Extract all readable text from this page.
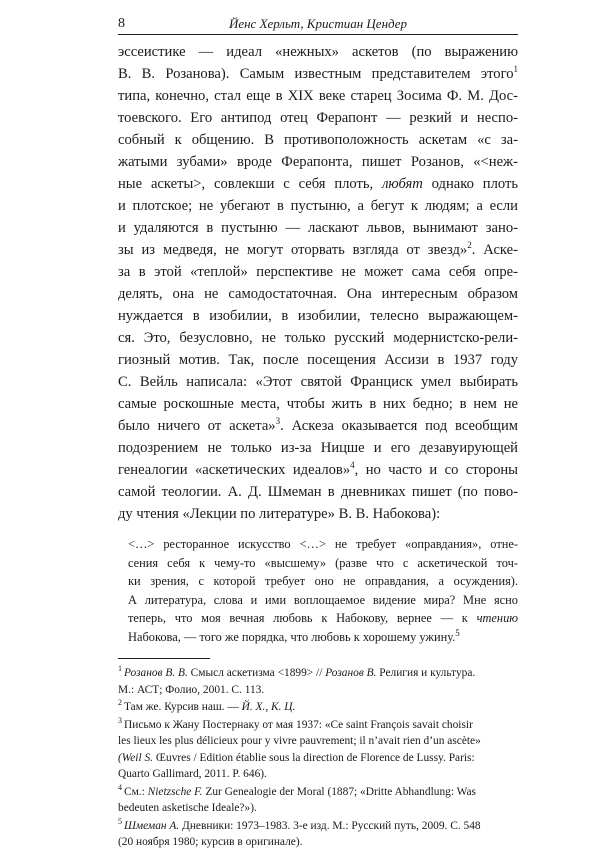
8	Йенс Херльт, Кристиан Цендер

эссеистике — идеал «нежных» аскетов (по выражению
В. В. Розанова). Самым известным представителем этого$^1$
типа, конечно, стал еще в XIX веке старец Зосима Ф. М. Дос-
тоевского. Его антипод отец Ферапонт — резкий и неспо-
собный к общению. В противоположность аскетам «с за-
жатыми зубами» вроде Ферапонта, пишет Розанов, «<неж-
ные аскеты>, совлекши с себя плоть, любят однако плоть
и плотское; не убегают в пустыню, а бегут к людям; а если
и удаляются в пустыню — ласкают львов, вынимают зано-
зы из медведя, не могут оторвать взгляда от звезд»$^2$. Аске-
за в этой «теплой» перспективе не может сама себя опре-
делять, она не самодостаточная. Она интересным образом
нуждается в изобилии, в изобилии, телесно выражающем-
ся. Это, безусловно, не только русский модернистско-рели-
гиозный мотив. Так, после посещения Ассизи в 1937 году
С. Вейль написала: «Этот святой Франциск умел выбирать
самые роскошные места, чтобы жить в них бедно; в нем не
было ничего от аскета»$^3$. Аскеза оказывается под всеобщим
подозрением не только из-за Ницше и его дезавуирующей
генеалогии «аскетических идеалов»$^4$, но часто и со стороны
самой теологии. А. Д. Шмеман в дневниках пишет (по пово-
ду чтения «Лекции по литературе» В. В. Набокова):

<…> ресторанное искусство <…> не требует «оправдания», отне-
сения себя к чему-то «высшему» (разве что с аскетической точ-
ки зрения, с которой требует оно не оправдания, а осуждения).
А литература, слова и ими воплощаемое видение мира? Мне ясно
теперь, что моя вечная любовь к Набокову, вернее — к чтению
Набокова, — того же порядка, что любовь к хорошему ужину.$^5$
$^1$ Розанов В. В. Смысл аскетизма <1899> // Розанов В. Религия и культура.
М.: АСТ; Фолио, 2001. С. 113.
$^2$ Там же. Курсив наш. — Й. Х., К. Ц.
$^3$ Письмо к Жану Постернаку от мая 1937: «Ce saint François savait choisir
les lieux les plus délicieux pour y vivre pauvrement; il n’avait rien d’un ascète»
(Weil S. Œuvres / Edition établie sous la direction de Florence de Lussy. Paris:
Quarto Gallimard, 2011. P. 646).
$^4$ См.: Nietzsche F. Zur Genealogie der Moral (1887; «Dritte Abhandlung: Was
bedeuten asketische Ideale?»).
$^5$ Шмеман А. Дневники: 1973–1983. 3-е изд. М.: Русский путь, 2009. С. 548
(20 ноября 1980; курсив в оригинале).
